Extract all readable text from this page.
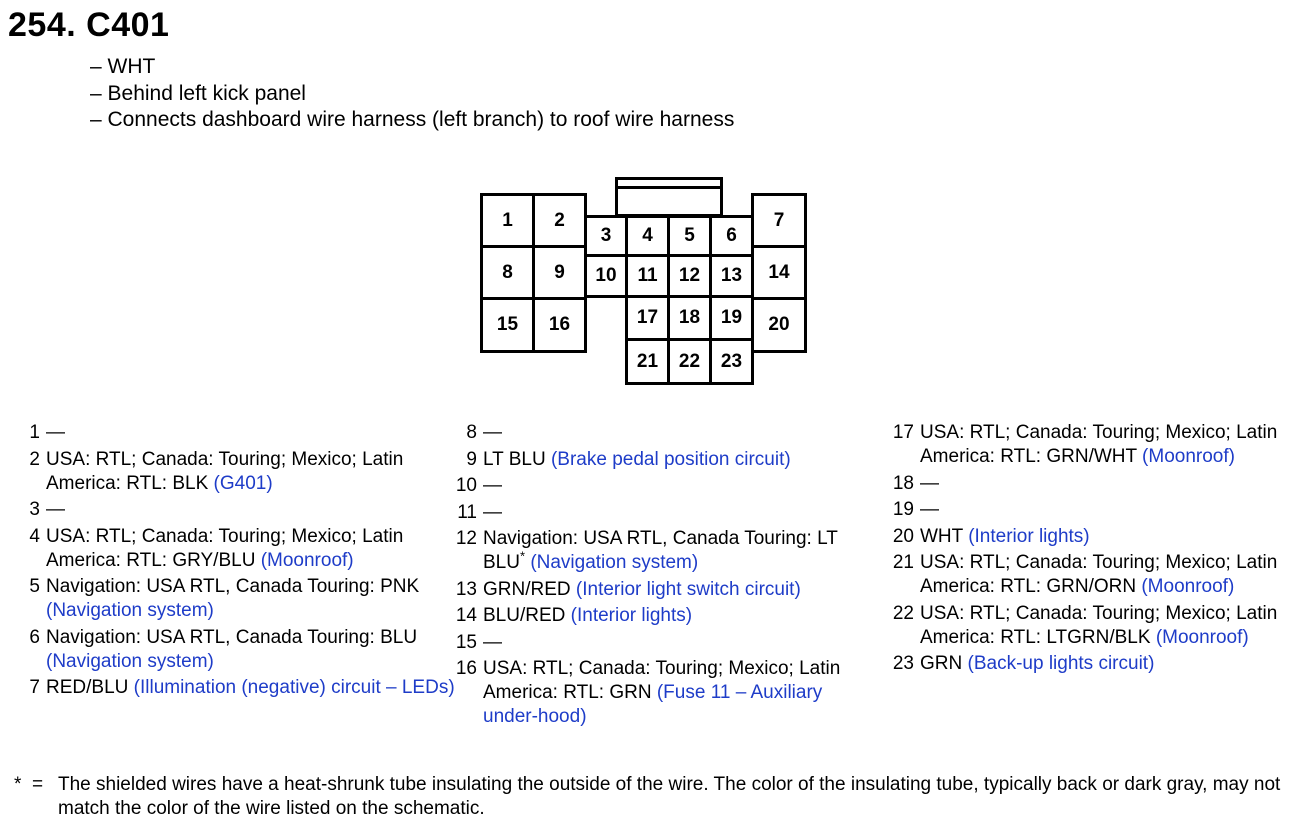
254. C401
– WHT
– Behind left kick panel
– Connects dashboard wire harness (left branch) to roof wire harness
1	2
8	9
15	16
3	4	5	6
10	11	12	13
17	18	19
21	22	23
7
14
20
1 —
2 USA: RTL; Canada: Touring; Mexico; Latin America: RTL: BLK (G401)
3 —
4 USA: RTL; Canada: Touring; Mexico; Latin America: RTL: GRY/BLU (Moonroof)
5 Navigation: USA RTL, Canada Touring: PNK (Navigation system)
6 Navigation: USA RTL, Canada Touring: BLU (Navigation system)
7 RED/BLU (Illumination (negative) circuit – LEDs)
8 —
9 LT BLU (Brake pedal position circuit)
10 —
11 —
12 Navigation: USA RTL, Canada Touring: LT BLU* (Navigation system)
13 GRN/RED (Interior light switch circuit)
14 BLU/RED (Interior lights)
15 —
16 USA: RTL; Canada: Touring; Mexico; Latin America: RTL: GRN (Fuse 11 – Auxiliary under-hood)
17 USA: RTL; Canada: Touring; Mexico; Latin America: RTL: GRN/WHT (Moonroof)
18 —
19 —
20 WHT (Interior lights)
21 USA: RTL; Canada: Touring; Mexico; Latin America: RTL: GRN/ORN (Moonroof)
22 USA: RTL; Canada: Touring; Mexico; Latin America: RTL: LTGRN/BLK (Moonroof)
23 GRN (Back-up lights circuit)
* = The shielded wires have a heat-shrunk tube insulating the outside of the wire. The color of the insulating tube, typically back or dark gray, may not match the color of the wire listed on the schematic.
